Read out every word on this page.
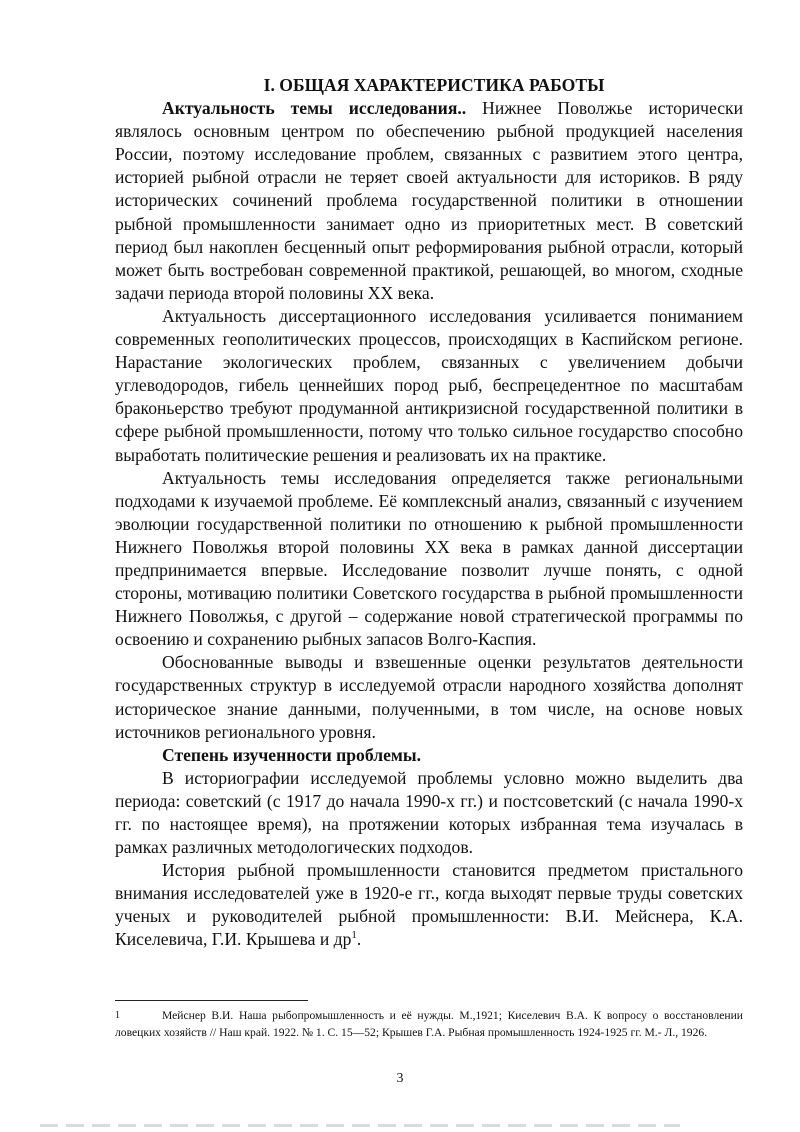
I. ОБЩАЯ ХАРАКТЕРИСТИКА РАБОТЫ

Актуальность темы исследования.. Нижнее Поволжье исторически являлось основным центром по обеспечению рыбной продукцией населения России, поэтому исследование проблем, связанных с развитием этого центра, историей рыбной отрасли не теряет своей актуальности для историков. В ряду исторических сочинений проблема государственной политики в отношении рыбной промышленности занимает одно из приоритетных мест. В советский период был накоплен бесценный опыт реформирования рыбной отрасли, который может быть востребован современной практикой, решающей, во многом, сходные задачи периода второй половины XX века.

Актуальность диссертационного исследования усиливается пониманием современных геополитических процессов, происходящих в Каспийском регионе. Нарастание экологических проблем, связанных с увеличением добычи углеводородов, гибель ценнейших пород рыб, беспрецедентное по масштабам браконьерство требуют продуманной антикризисной государственной политики в сфере рыбной промышленности, потому что только сильное государство способно выработать политические решения и реализовать их на практике.

Актуальность темы исследования определяется также региональными подходами к изучаемой проблеме. Её комплексный анализ, связанный с изучением эволюции государственной политики по отношению к рыбной промышленности Нижнего Поволжья второй половины XX века в рамках данной диссертации предпринимается впервые. Исследование позволит лучше понять, с одной стороны, мотивацию политики Советского государства в рыбной промышленности Нижнего Поволжья, с другой – содержание новой стратегической программы по освоению и сохранению рыбных запасов Волго-Каспия.

Обоснованные выводы и взвешенные оценки результатов деятельности государственных структур в исследуемой отрасли народного хозяйства дополнят историческое знание данными, полученными, в том числе, на основе новых источников регионального уровня.

Степень изученности проблемы.

В историографии исследуемой проблемы условно можно выделить два периода: советский (с 1917 до начала 1990-х гг.) и постсоветский (с начала 1990-х гг. по настоящее время), на протяжении которых избранная тема изучалась в рамках различных методологических подходов.

История рыбной промышленности становится предметом пристального внимания исследователей уже в 1920-е гг., когда выходят первые труды советских ученых и руководителей рыбной промышленности: В.И. Мейснера, К.А. Киселевича, Г.И. Крышева и др$^1$.

1	Мейснер В.И. Наша рыбопромышленность и её нужды. М.,1921; Киселевич В.А. К вопросу о восстановлении ловецких хозяйств // Наш край. 1922. № 1. С. 15—52; Крышев Г.А. Рыбная промышленность 1924-1925 гг. М.- Л., 1926.

3
